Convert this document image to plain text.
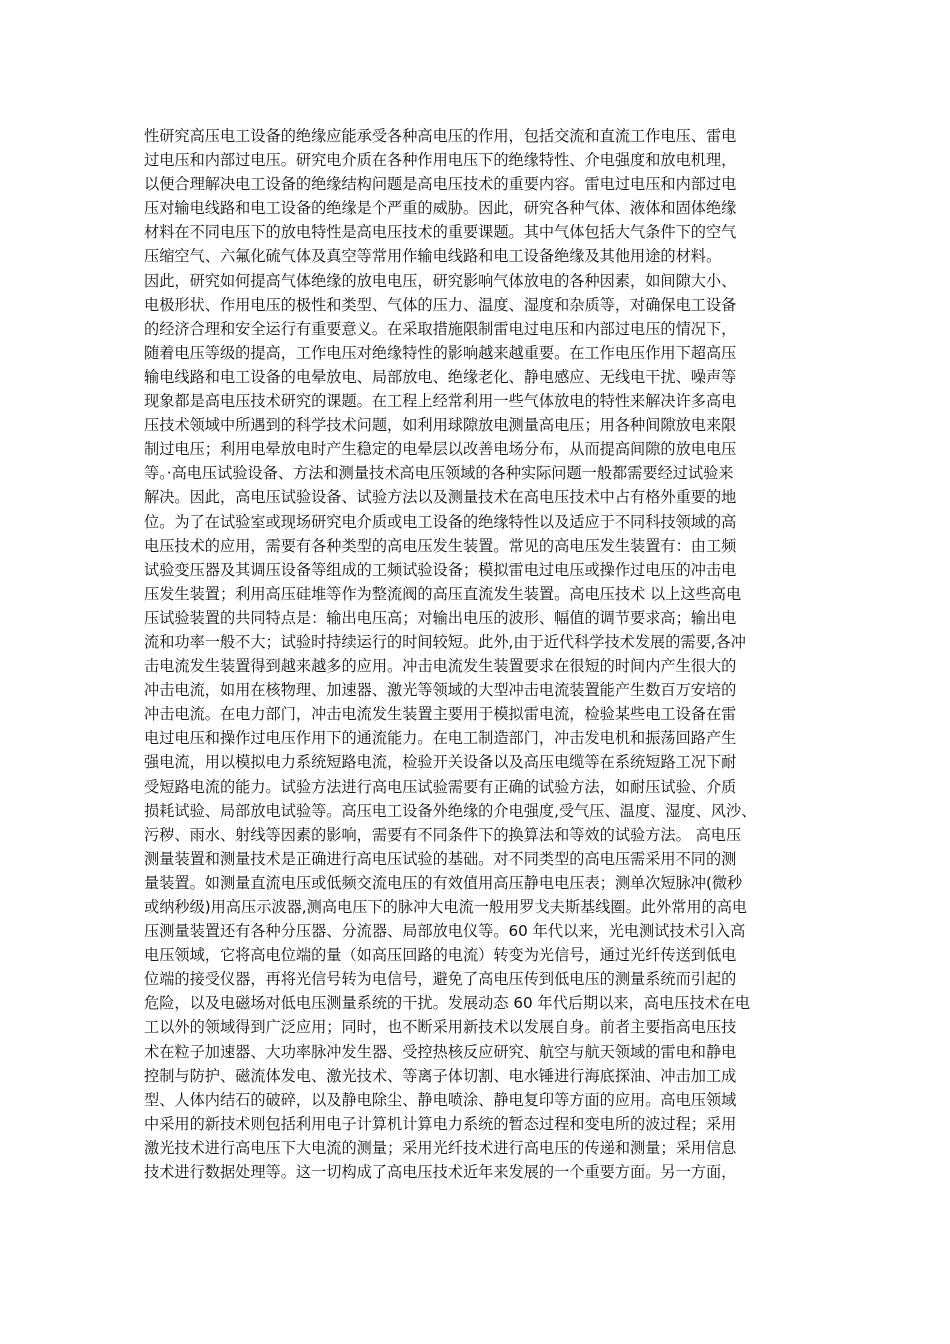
性研究高压电工设备的绝缘应能承受各种高电压的作用，包括交流和直流工作电压、雷电
过电压和内部过电压。研究电介质在各种作用电压下的绝缘特性、介电强度和放电机理，
以便合理解决电工设备的绝缘结构问题是高电压技术的重要内容。雷电过电压和内部过电
压对输电线路和电工设备的绝缘是个严重的威胁。因此，研究各种气体、液体和固体绝缘
材料在不同电压下的放电特性是高电压技术的重要课题。其中气体包括大气条件下的空气
压缩空气、六氟化硫气体及真空等常用作输电线路和电工设备绝缘及其他用途的材料。
因此，研究如何提高气体绝缘的放电电压，研究影响气体放电的各种因素，如间隙大小、
电极形状、作用电压的极性和类型、气体的压力、温度、湿度和杂质等，对确保电工设备
的经济合理和安全运行有重要意义。在采取措施限制雷电过电压和内部过电压的情况下，
随着电压等级的提高，工作电压对绝缘特性的影响越来越重要。在工作电压作用下超高压
输电线路和电工设备的电晕放电、局部放电、绝缘老化、静电感应、无线电干扰、噪声等
现象都是高电压技术研究的课题。在工程上经常利用一些气体放电的特性来解决许多高电
压技术领域中所遇到的科学技术问题，如利用球隙放电测量高电压；用各种间隙放电来限
制过电压；利用电晕放电时产生稳定的电晕层以改善电场分布，从而提高间隙的放电电压
等。·高电压试验设备、方法和测量技术高电压领域的各种实际问题一般都需要经过试验来
解决。因此，高电压试验设备、试验方法以及测量技术在高电压技术中占有格外重要的地
位。为了在试验室或现场研究电介质或电工设备的绝缘特性以及适应于不同科技领域的高
电压技术的应用，需要有各种类型的高电压发生装置。常见的高电压发生装置有：由工频
试验变压器及其调压设备等组成的工频试验设备；模拟雷电过电压或操作过电压的冲击电
压发生装置；利用高压硅堆等作为整流阀的高压直流发生装置。高电压技术 以上这些高电
压试验装置的共同特点是：输出电压高；对输出电压的波形、幅值的调节要求高；输出电
流和功率一般不大；试验时持续运行的时间较短。此外,由于近代科学技术发展的需要,各冲
击电流发生装置得到越来越多的应用。冲击电流发生装置要求在很短的时间内产生很大的
冲击电流，如用在核物理、加速器、激光等领域的大型冲击电流装置能产生数百万安培的
冲击电流。在电力部门，冲击电流发生装置主要用于模拟雷电流，检验某些电工设备在雷
电过电压和操作过电压作用下的通流能力。在电工制造部门，冲击发电机和振荡回路产生
强电流，用以模拟电力系统短路电流，检验开关设备以及高压电缆等在系统短路工况下耐
受短路电流的能力。试验方法进行高电压试验需要有正确的试验方法，如耐压试验、介质
损耗试验、局部放电试验等。高压电工设备外绝缘的介电强度,受气压、温度、湿度、风沙、
污秽、雨水、射线等因素的影响，需要有不同条件下的换算法和等效的试验方法。 高电压
测量装置和测量技术是正确进行高电压试验的基础。对不同类型的高电压需采用不同的测
量装置。如测量直流电压或低频交流电压的有效值用高压静电电压表；测单次短脉冲(微秒
或纳秒级)用高压示波器,测高电压下的脉冲大电流一般用罗戈夫斯基线圈。此外常用的高电
压测量装置还有各种分压器、分流器、局部放电仪等。60 年代以来，光电测试技术引入高
电压领域，它将高电位端的量（如高压回路的电流）转变为光信号，通过光纤传送到低电
位端的接受仪器，再将光信号转为电信号，避免了高电压传到低电压的测量系统而引起的
危险，以及电磁场对低电压测量系统的干扰。发展动态 60 年代后期以来，高电压技术在电
工以外的领域得到广泛应用；同时，也不断采用新技术以发展自身。前者主要指高电压技
术在粒子加速器、大功率脉冲发生器、受控热核反应研究、航空与航天领域的雷电和静电
控制与防护、磁流体发电、激光技术、等离子体切割、电水锤进行海底探油、冲击加工成
型、人体内结石的破碎，以及静电除尘、静电喷涂、静电复印等方面的应用。高电压领域
中采用的新技术则包括利用电子计算机计算电力系统的暂态过程和变电所的波过程；采用
激光技术进行高电压下大电流的测量；采用光纤技术进行高电压的传递和测量；采用信息
技术进行数据处理等。这一切构成了高电压技术近年来发展的一个重要方面。另一方面，
